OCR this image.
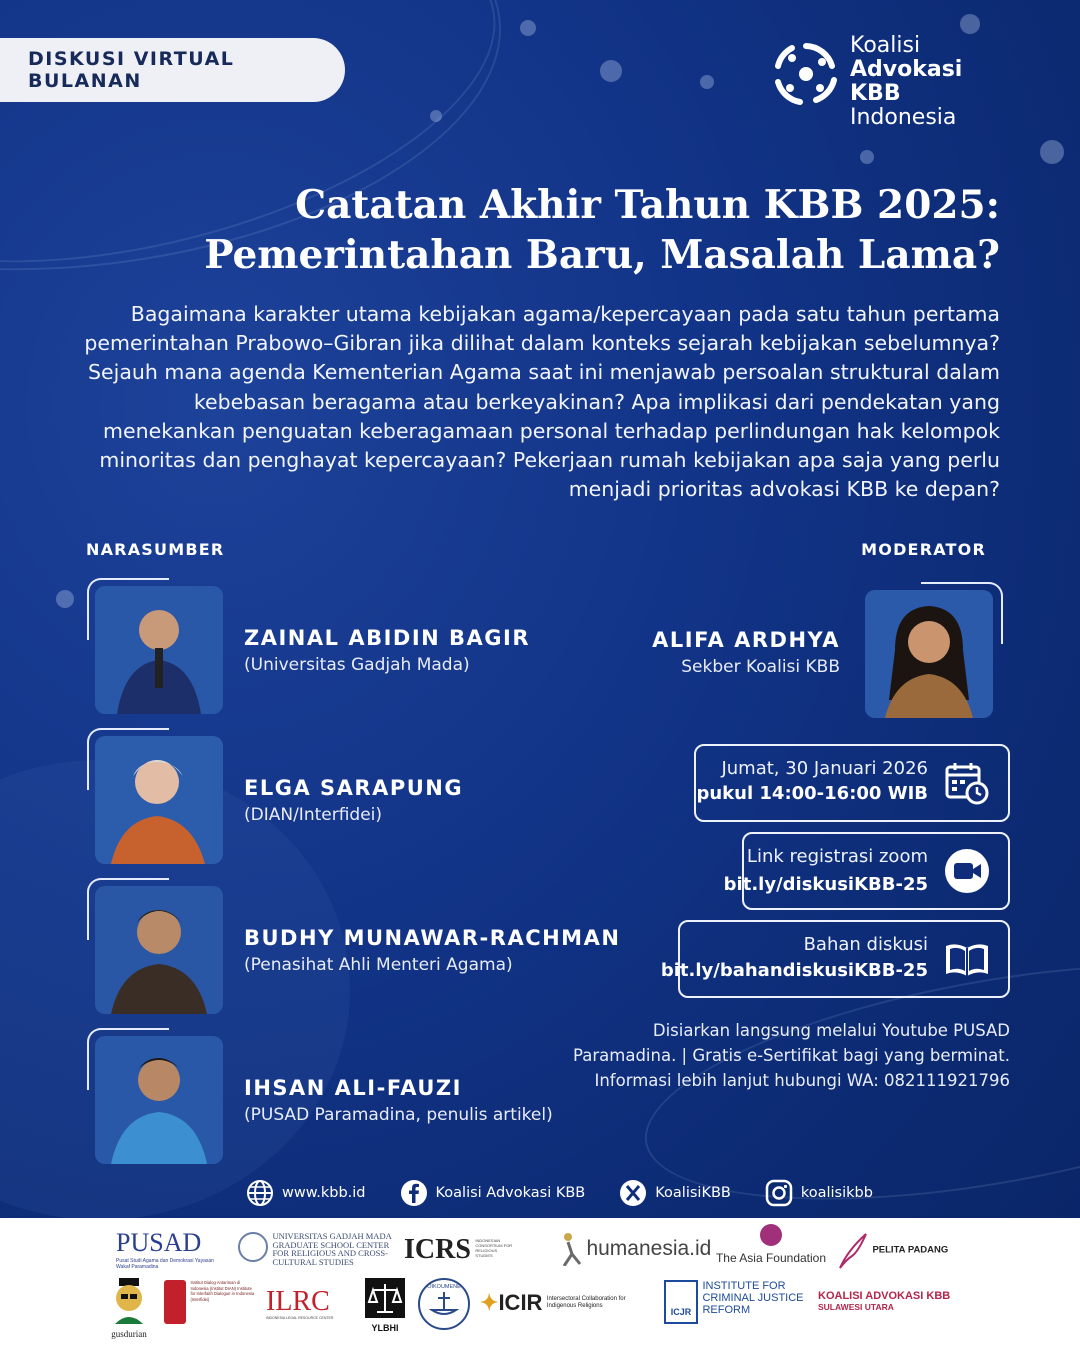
DISKUSI VIRTUAL BULANAN
Koalisi
Advokasi KBB
Indonesia
Catatan Akhir Tahun KBB 2025:
Pemerintahan Baru, Masalah Lama?
Bagaimana karakter utama kebijakan agama/kepercayaan pada satu tahun pertama
pemerintahan Prabowo–Gibran jika dilihat dalam konteks sejarah kebijakan sebelumnya?
Sejauh mana agenda Kementerian Agama saat ini menjawab persoalan struktural dalam
kebebasan beragama atau berkeyakinan? Apa implikasi dari pendekatan yang
menekankan penguatan keberagamaan personal terhadap perlindungan hak kelompok
minoritas dan penghayat kepercayaan? Pekerjaan rumah kebijakan apa saja yang perlu
menjadi prioritas advokasi KBB ke depan?
NARASUMBER	MODERATOR
ZAINAL ABIDIN BAGIR
(Universitas Gadjah Mada)
ELGA SARAPUNG
(DIAN/Interfidei)
BUDHY MUNAWAR-RACHMAN
(Penasihat Ahli Menteri Agama)
IHSAN ALI-FAUZI
(PUSAD Paramadina, penulis artikel)
ALIFA ARDHYA
Sekber Koalisi KBB
Jumat, 30 Januari 2026
pukul 14:00-16:00 WIB
Link registrasi zoom
bit.ly/diskusiKBB-25
Bahan diskusi
bit.ly/bahandiskusiKBB-25
Disiarkan langsung melalui Youtube PUSAD
Paramadina. | Gratis e-Sertifikat bagi yang berminat.
Informasi lebih lanjut hubungi WA: 082111921796
www.kbb.id	Koalisi Advokasi KBB	KoalisiKBB	koalisikbb
PUSAD
Pusat Studi Agama dan Demokrasi Yayasan Wakaf Paramadina
UNIVERSITAS GADJAH MADA GRADUATE SCHOOL CENTER FOR RELIGIOUS AND CROSS-CULTURAL STUDIES	ICRS INDONESIAN CONSORTIUM FOR RELIGIOUS STUDIES	humanesia.id The Asia Foundation
PELITA PADANG
gusdurian
Institut Dialog Antariman di Indonesia (Institut DIAN) Institute for Interfaith Dialogue in Indonesia (Interfidei)	ILRC
INDONESIA LEGAL RESOURCE CENTER
YLBHI
OIKOUMENE
✦ICIR Intersectoral Collaboration for Indigenous Religions
ICJR INSTITUTE FOR CRIMINAL JUSTICE REFORM
KOALISI ADVOKASI KBB
SULAWESI UTARA
